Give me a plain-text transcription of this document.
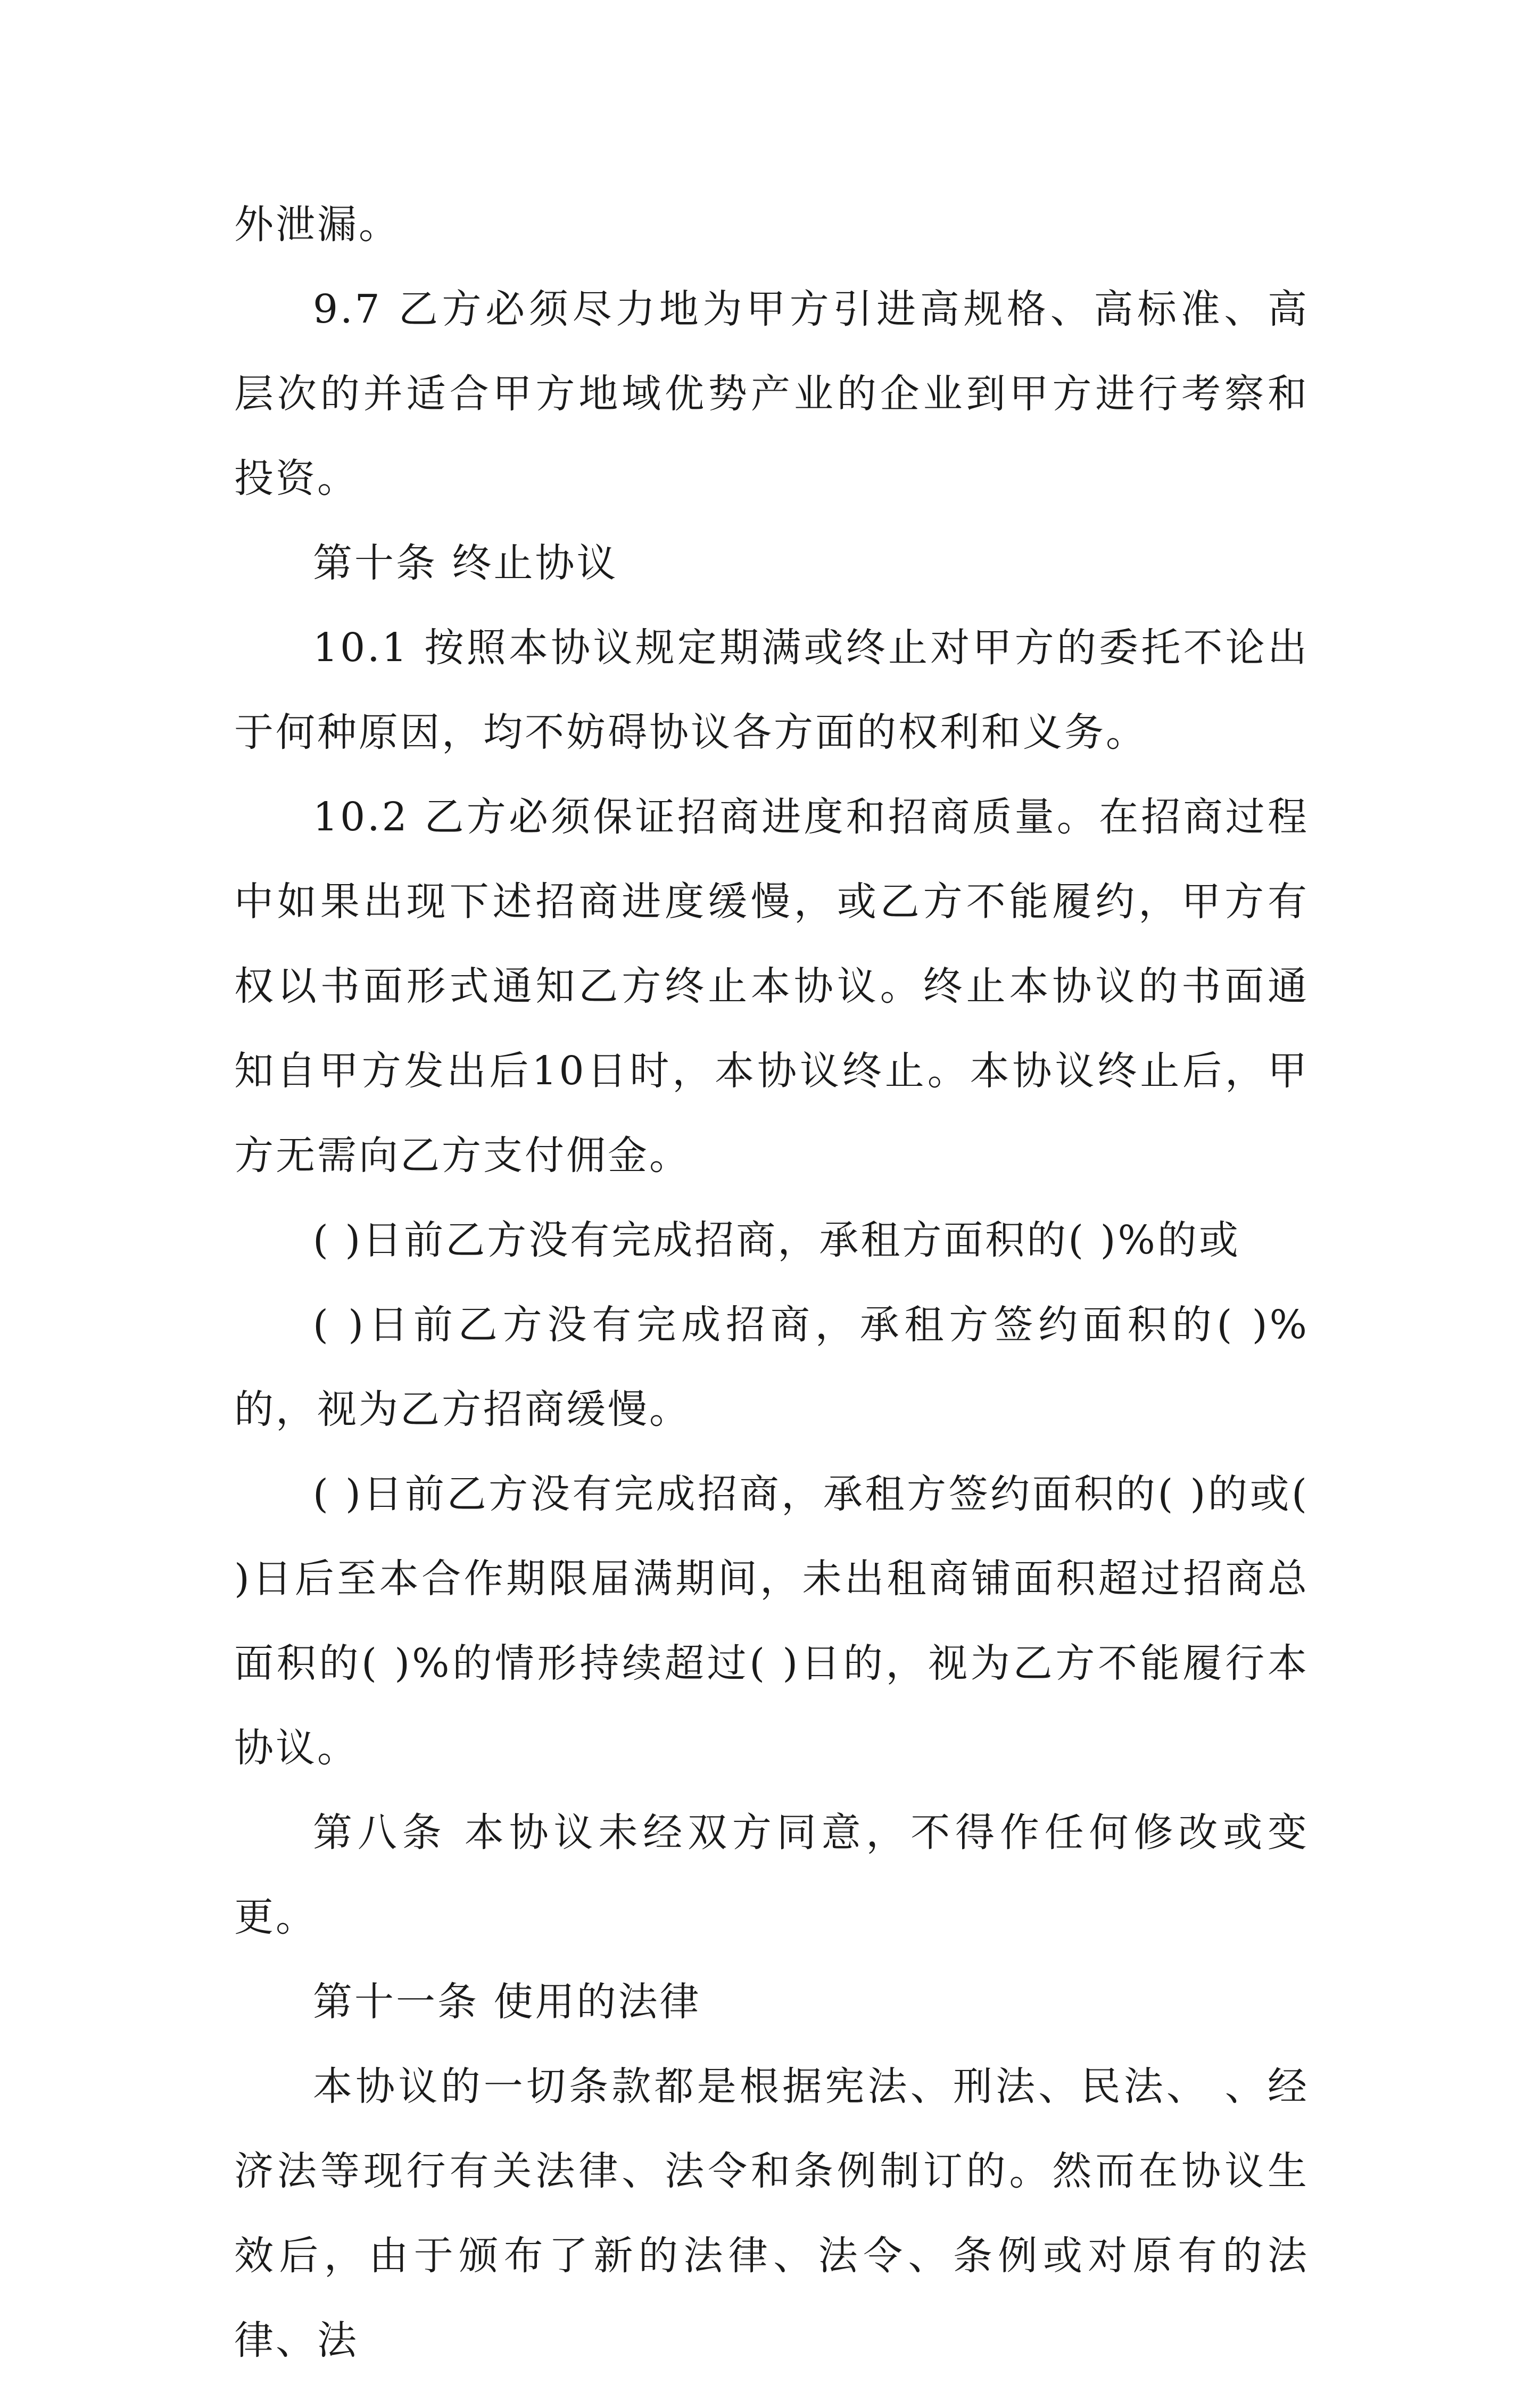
外泄漏。

9.7 乙方必须尽力地为甲方引进高规格、高标准、高层次的并适合甲方地域优势产业的企业到甲方进行考察和投资。

第十条 终止协议

10.1 按照本协议规定期满或终止对甲方的委托不论出于何种原因，均不妨碍协议各方面的权利和义务。

10.2 乙方必须保证招商进度和招商质量。在招商过程中如果出现下述招商进度缓慢，或乙方不能履约，甲方有权以书面形式通知乙方终止本协议。终止本协议的书面通知自甲方发出后10日时，本协议终止。本协议终止后，甲方无需向乙方支付佣金。

( )日前乙方没有完成招商，承租方面积的( )%的或

( )日前乙方没有完成招商，承租方签约面积的( )%的，视为乙方招商缓慢。

( )日前乙方没有完成招商，承租方签约面积的( )的或( )日后至本合作期限届满期间，未出租商铺面积超过招商总面积的( )%的情形持续超过( )日的，视为乙方不能履行本协议。

第八条 本协议未经双方同意，不得作任何修改或变更。

第十一条 使用的法律

本协议的一切条款都是根据宪法、刑法、民法、 、经济法等现行有关法律、法令和条例制订的。然而在协议生效后，由于颁布了新的法律、法令、条例或对原有的法律、法
